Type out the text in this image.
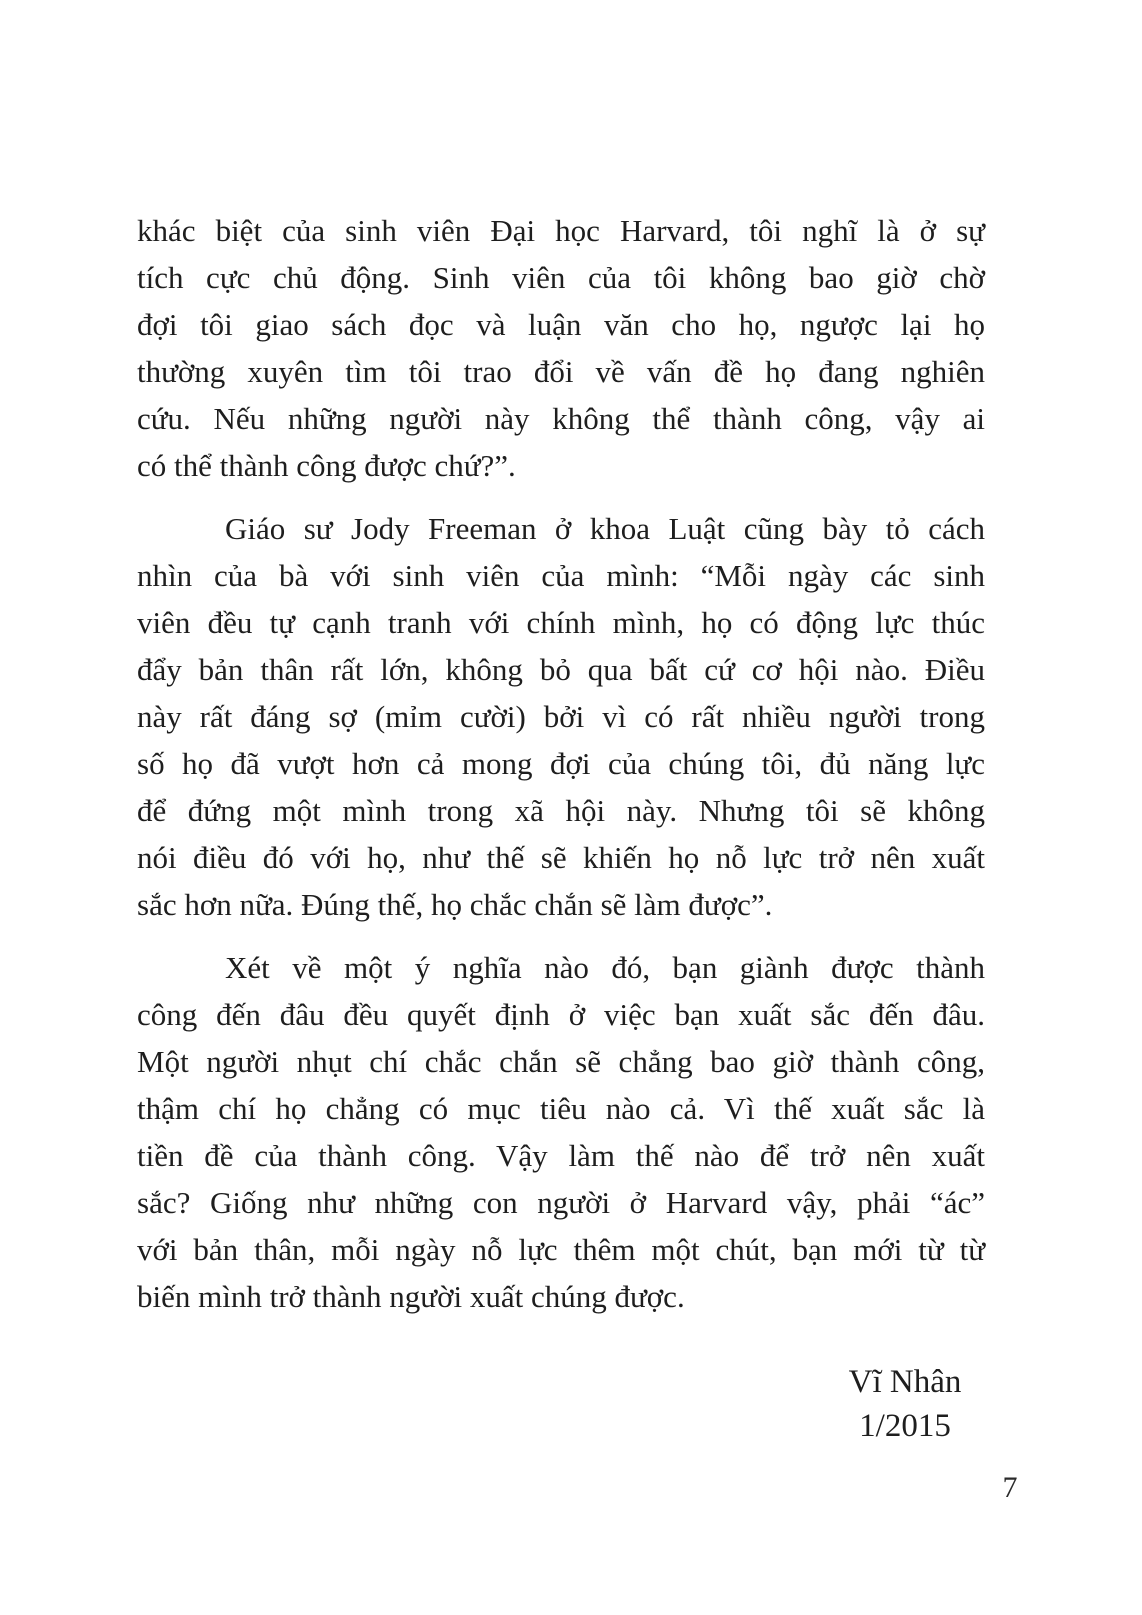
khác biệt của sinh viên Đại học Harvard, tôi nghĩ là ở sự
tích cực chủ động. Sinh viên của tôi không bao giờ chờ
đợi tôi giao sách đọc và luận văn cho họ, ngược lại họ
thường xuyên tìm tôi trao đổi về vấn đề họ đang nghiên
cứu. Nếu những người này không thể thành công, vậy ai
có thể thành công được chứ?”.
Giáo sư Jody Freeman ở khoa Luật cũng bày tỏ cách
nhìn của bà với sinh viên của mình: “Mỗi ngày các sinh
viên đều tự cạnh tranh với chính mình, họ có động lực thúc
đẩy bản thân rất lớn, không bỏ qua bất cứ cơ hội nào. Điều
này rất đáng sợ (mỉm cười) bởi vì có rất nhiều người trong
số họ đã vượt hơn cả mong đợi của chúng tôi, đủ năng lực
để đứng một mình trong xã hội này. Nhưng tôi sẽ không
nói điều đó với họ, như thế sẽ khiến họ nỗ lực trở nên xuất
sắc hơn nữa. Đúng thế, họ chắc chắn sẽ làm được”.
Xét về một ý nghĩa nào đó, bạn giành được thành
công đến đâu đều quyết định ở việc bạn xuất sắc đến đâu.
Một người nhụt chí chắc chắn sẽ chẳng bao giờ thành công,
thậm chí họ chẳng có mục tiêu nào cả. Vì thế xuất sắc là
tiền đề của thành công. Vậy làm thế nào để trở nên xuất
sắc? Giống như những con người ở Harvard vậy, phải “ác”
với bản thân, mỗi ngày nỗ lực thêm một chút, bạn mới từ từ
biến mình trở thành người xuất chúng được.
Vĩ Nhân
1/2015
7
